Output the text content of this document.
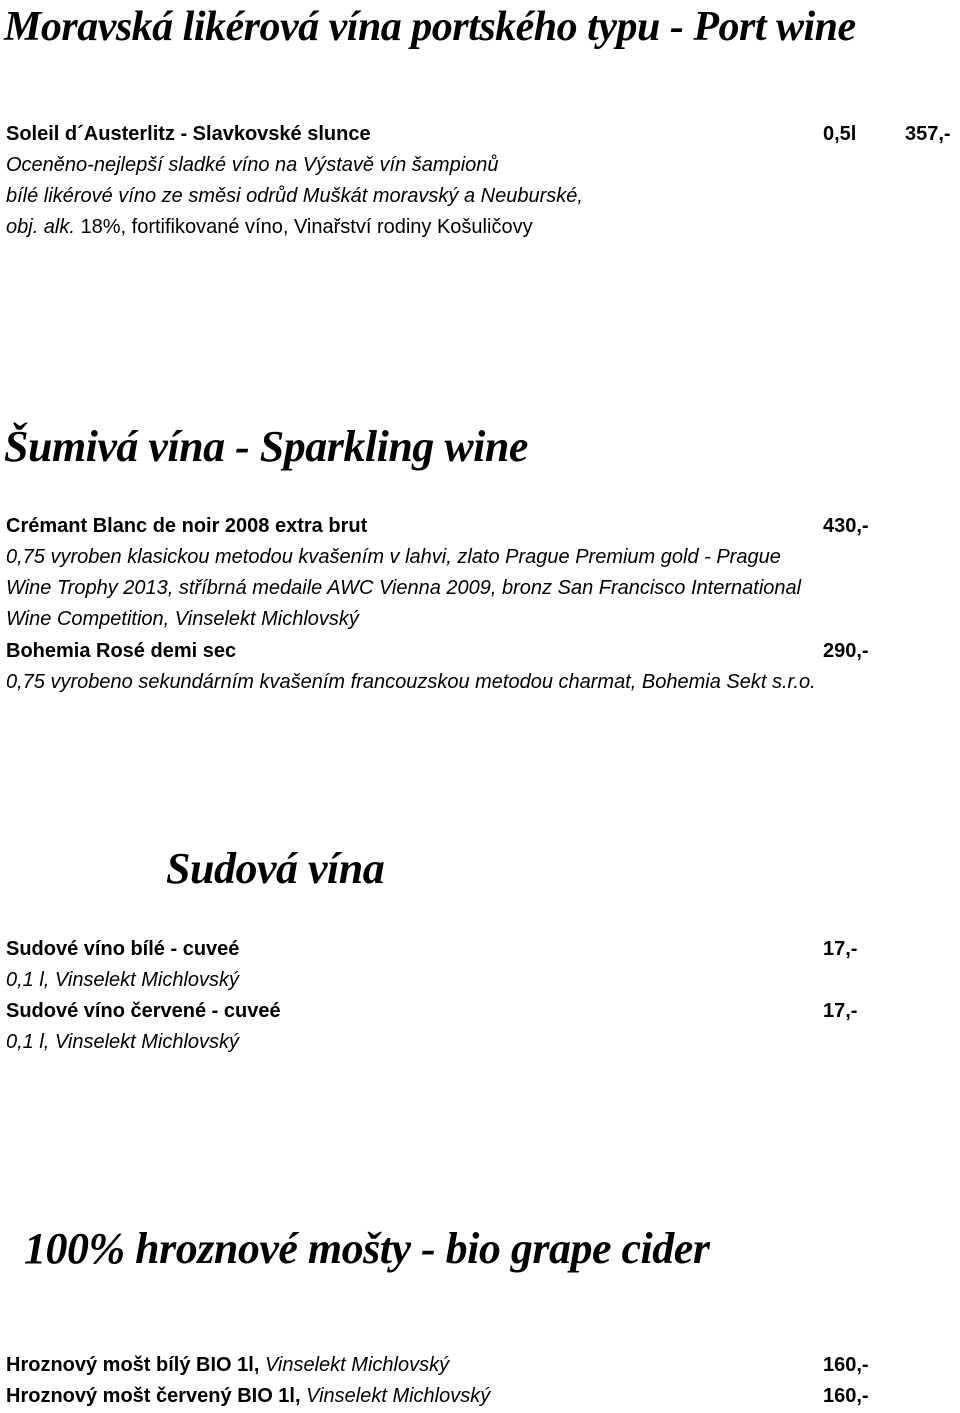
Moravská likérová vína portského typu - Port wine

Soleil d´Austerlitz - Slavkovské slunce	0,5l 357,-

Oceněno-nejlepší sladké víno na Výstavě vín šampionů

bílé likérové víno ze směsi odrůd Muškát moravský a Neuburské,

obj. alk. 18%, fortifikované víno, Vinařství rodiny Košuličovy

Šumivá vína - Sparkling wine

Crémant Blanc de noir 2008 extra brut	430,-

0,75 vyroben klasickou metodou kvašením v lahvi, zlato Prague Premium gold - Prague

Wine Trophy 2013, stříbrná medaile AWC Vienna 2009, bronz San Francisco International

Wine Competition, Vinselekt Michlovský

Bohemia Rosé demi sec	290,-

0,75 vyrobeno sekundárním kvašením francouzskou metodou charmat, Bohemia Sekt s.r.o.

Sudová vína

Sudové víno bílé - cuveé	17,-

0,1 l, Vinselekt Michlovský

Sudové víno červené - cuveé	17,-

0,1 l, Vinselekt Michlovský

100% hroznové mošty - bio grape cider

Hroznový mošt bílý BIO 1l, Vinselekt Michlovský	160,-

Hroznový mošt červený BIO 1l, Vinselekt Michlovský	160,-
